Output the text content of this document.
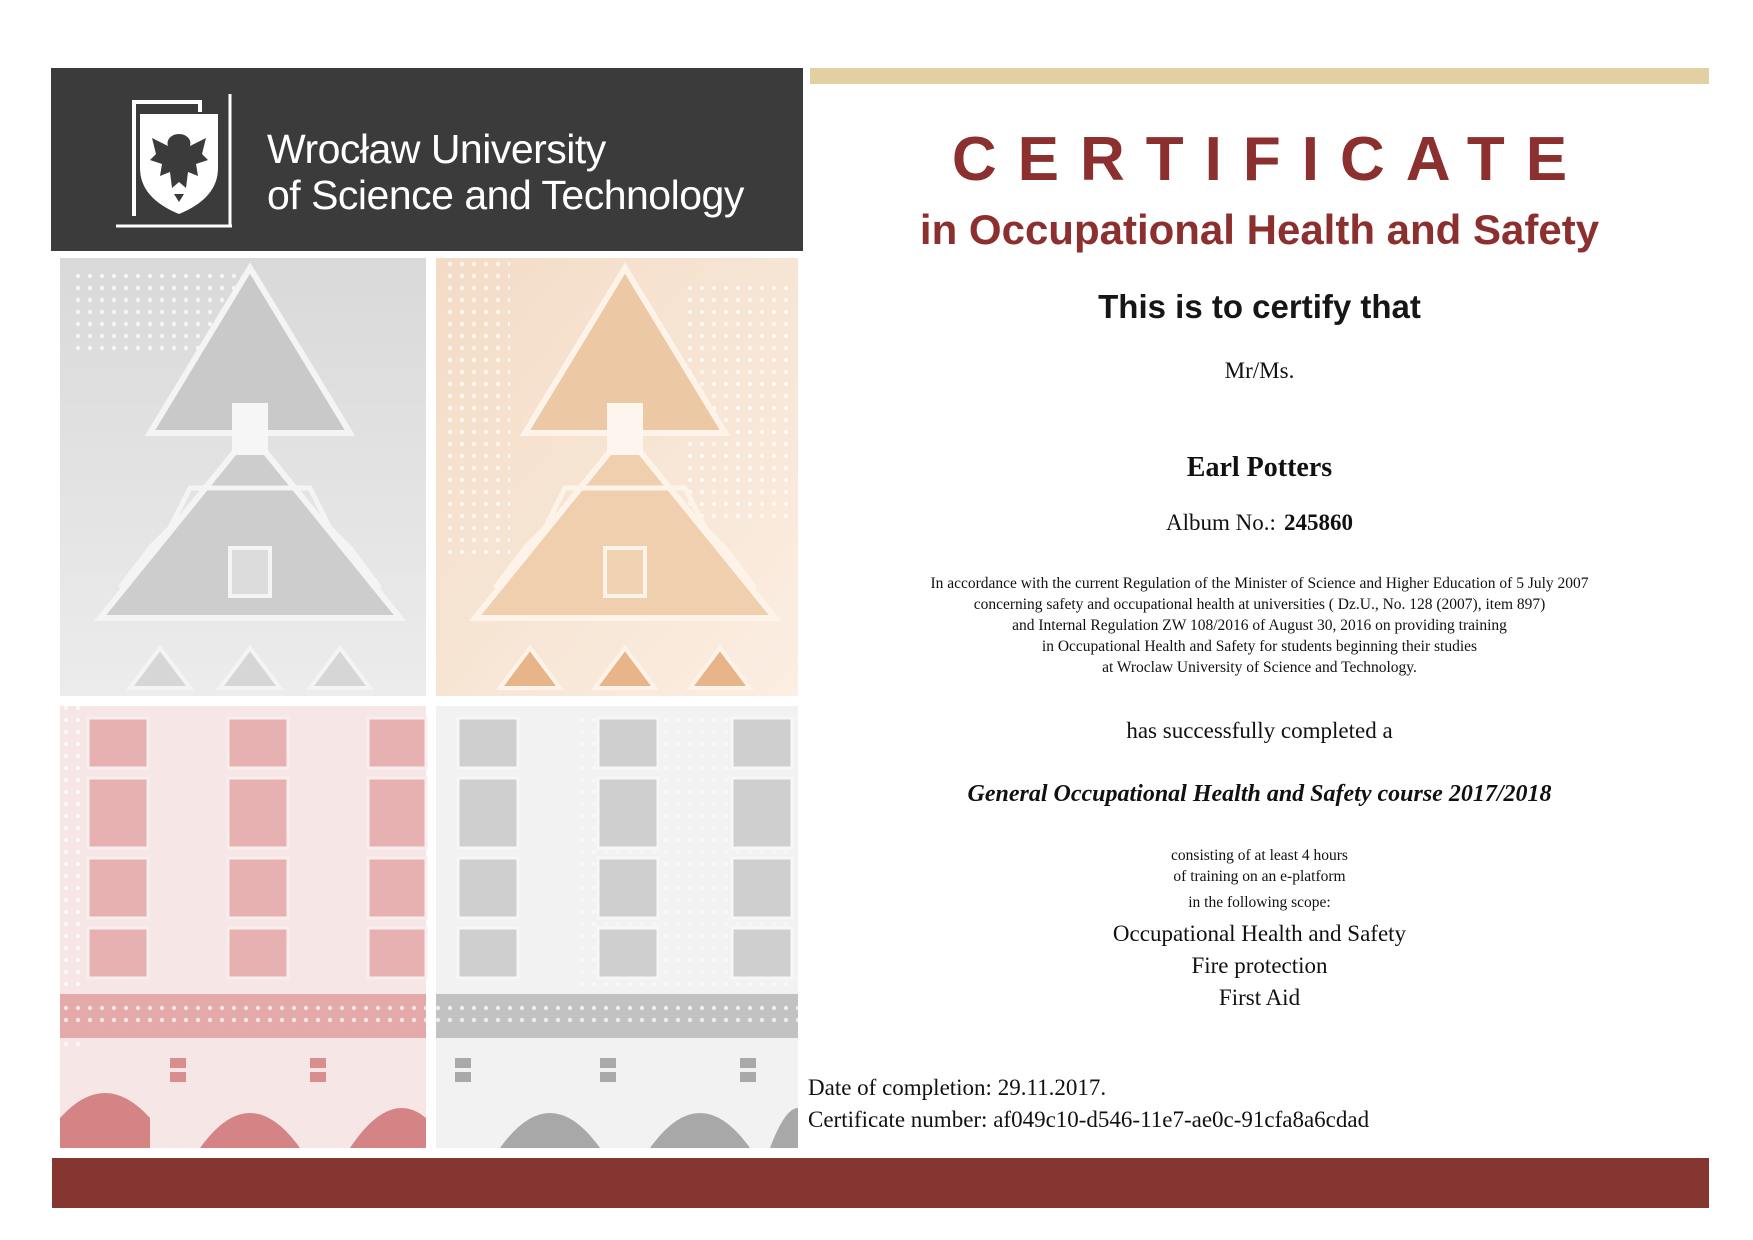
Wrocław University
of Science and Technology
CERTIFICATE
in Occupational Health and Safety
This is to certify that
Mr/Ms.
Earl Potters
Album No.: 245860
In accordance with the current Regulation of the Minister of Science and Higher Education of 5 July 2007
concerning safety and occupational health at universities ( Dz.U., No. 128 (2007), item 897)
and Internal Regulation ZW 108/2016 of August 30, 2016 on providing training
in Occupational Health and Safety for students beginning their studies
at Wroclaw University of Science and Technology.
has successfully completed a
General Occupational Health and Safety course 2017/2018
consisting of at least 4 hours
of training on an e-platform
in the following scope:
Occupational Health and Safety
Fire protection
First Aid
Date of completion: 29.11.2017.
Certificate number: af049c10-d546-11e7-ae0c-91cfa8a6cdad
